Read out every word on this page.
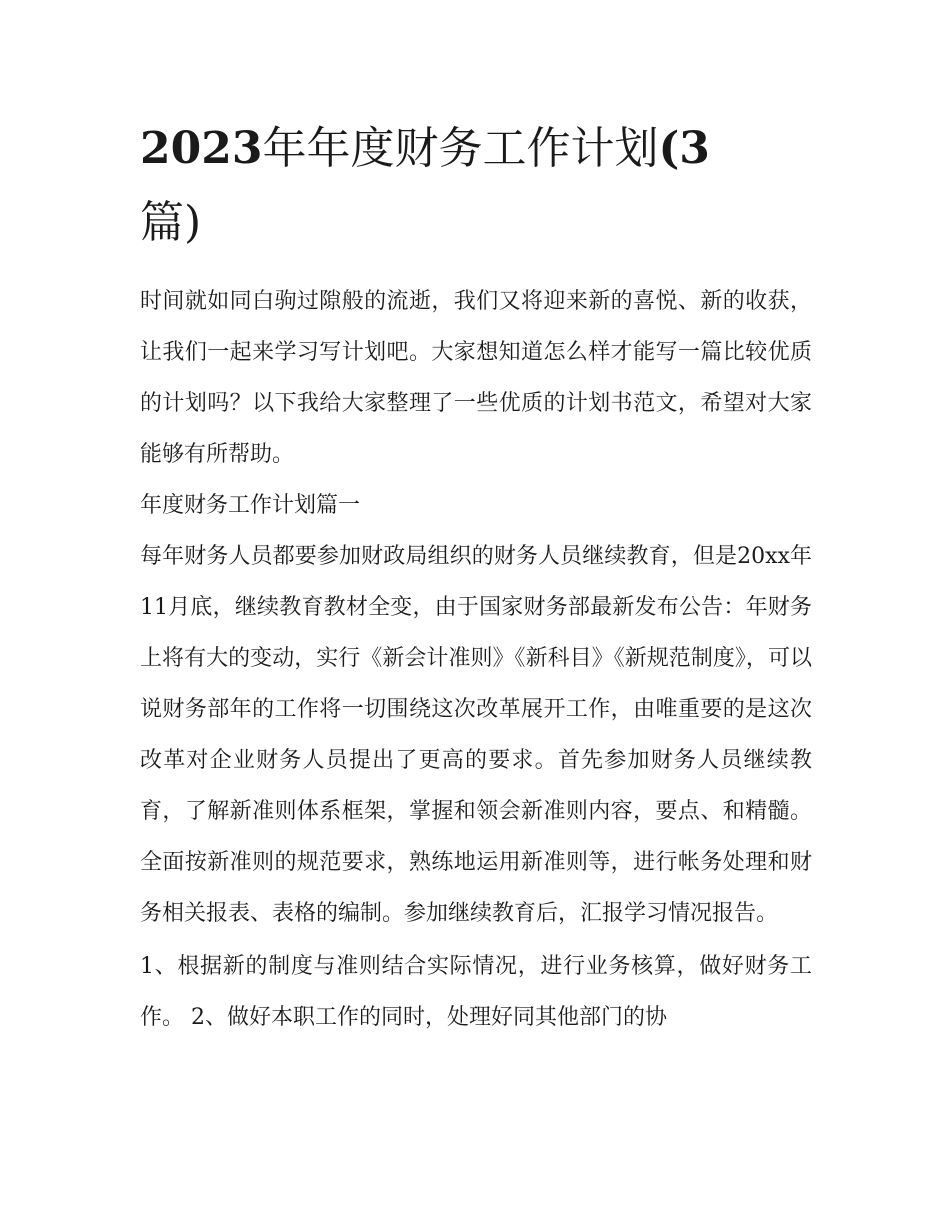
2023年年度财务工作计划(3
篇)

时间就如同白驹过隙般的流逝，我们又将迎来新的喜悦、新的收获，让我们一起来学习写计划吧。大家想知道怎么样才能写一篇比较优质的计划吗？以下我给大家整理了一些优质的计划书范文，希望对大家能够有所帮助。

年度财务工作计划篇一

每年财务人员都要参加财政局组织的财务人员继续教育，但是20xx年11月底，继续教育教材全变，由于国家财务部最新发布公告：年财务上将有大的变动，实行《新会计准则》《新科目》《新规范制度》，可以说财务部年的工作将一切围绕这次改革展开工作，由唯重要的是这次改革对企业财务人员提出了更高的要求。首先参加财务人员继续教育，了解新准则体系框架，掌握和领会新准则内容，要点、和精髓。全面按新准则的规范要求，熟练地运用新准则等，进行帐务处理和财务相关报表、表格的编制。参加继续教育后，汇报学习情况报告。

1、根据新的制度与准则结合实际情况，进行业务核算，做好财务工作。 2、做好本职工作的同时，处理好同其他部门的协
